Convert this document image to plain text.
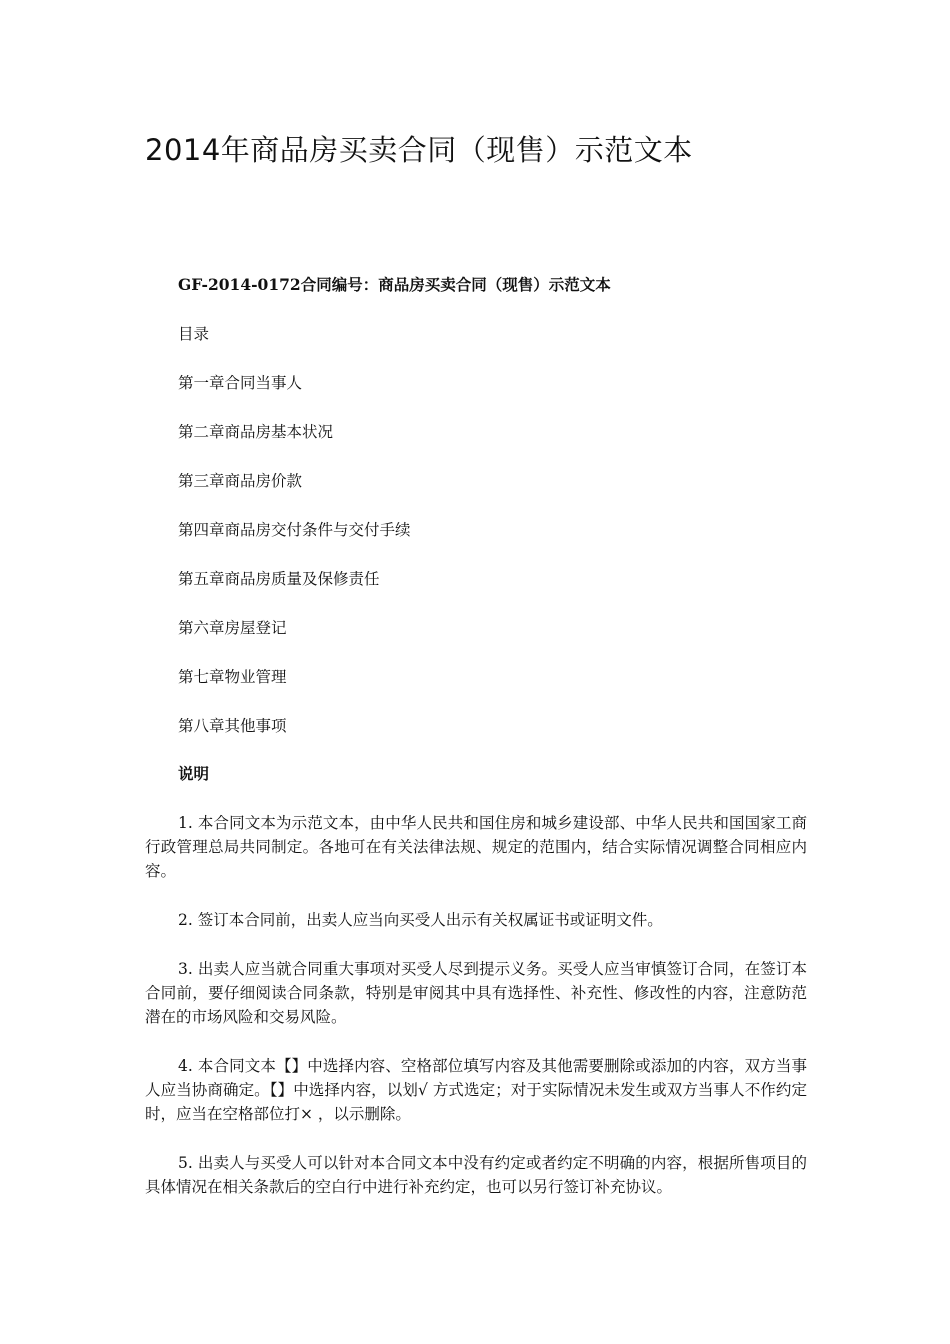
2014年商品房买卖合同（现售）示范文本

GF-2014-0172合同编号：商品房买卖合同（现售）示范文本

目录
第一章合同当事人
第二章商品房基本状况
第三章商品房价款
第四章商品房交付条件与交付手续
第五章商品房质量及保修责任
第六章房屋登记
第七章物业管理
第八章其他事项

说明

1. 本合同文本为示范文本，由中华人民共和国住房和城乡建设部、中华人民共和国国家工商行政管理总局共同制定。各地可在有关法律法规、规定的范围内，结合实际情况调整合同相应内容。
2. 签订本合同前，出卖人应当向买受人出示有关权属证书或证明文件。
3. 出卖人应当就合同重大事项对买受人尽到提示义务。买受人应当审慎签订合同，在签订本合同前，要仔细阅读合同条款，特别是审阅其中具有选择性、补充性、修改性的内容，注意防范潜在的市场风险和交易风险。
4. 本合同文本【】中选择内容、空格部位填写内容及其他需要删除或添加的内容，双方当事人应当协商确定。【】中选择内容，以划√ 方式选定；对于实际情况未发生或双方当事人不作约定时，应当在空格部位打× ，以示删除。
5. 出卖人与买受人可以针对本合同文本中没有约定或者约定不明确的内容，根据所售项目的具体情况在相关条款后的空白行中进行补充约定，也可以另行签订补充协议。
